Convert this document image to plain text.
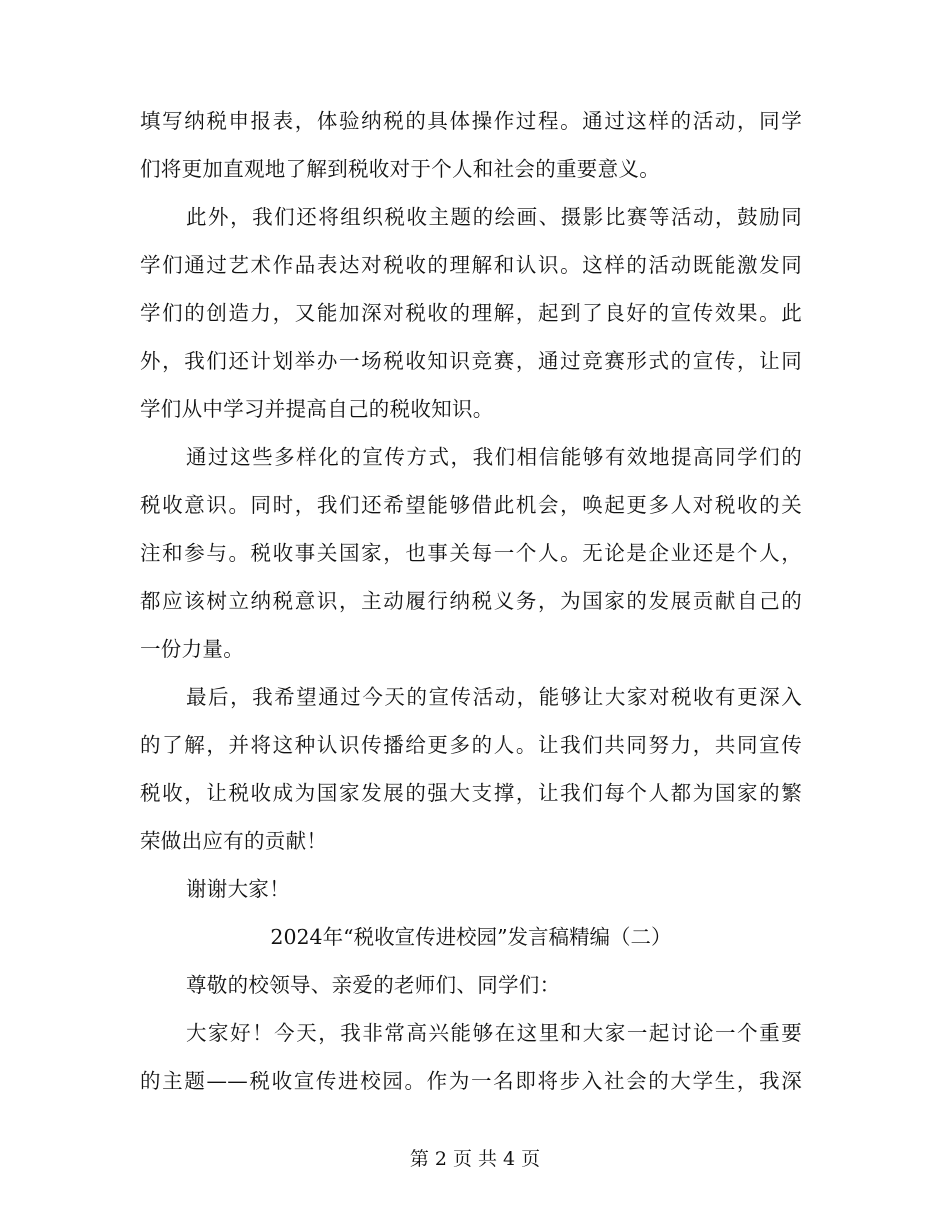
填写纳税申报表，体验纳税的具体操作过程。通过这样的活动，同学
们将更加直观地了解到税收对于个人和社会的重要意义。
此外，我们还将组织税收主题的绘画、摄影比赛等活动，鼓励同
学们通过艺术作品表达对税收的理解和认识。这样的活动既能激发同
学们的创造力，又能加深对税收的理解，起到了良好的宣传效果。此
外，我们还计划举办一场税收知识竞赛，通过竞赛形式的宣传，让同
学们从中学习并提高自己的税收知识。
通过这些多样化的宣传方式，我们相信能够有效地提高同学们的
税收意识。同时，我们还希望能够借此机会，唤起更多人对税收的关
注和参与。税收事关国家，也事关每一个人。无论是企业还是个人，
都应该树立纳税意识，主动履行纳税义务，为国家的发展贡献自己的
一份力量。
最后，我希望通过今天的宣传活动，能够让大家对税收有更深入
的了解，并将这种认识传播给更多的人。让我们共同努力，共同宣传
税收，让税收成为国家发展的强大支撑，让我们每个人都为国家的繁
荣做出应有的贡献！
谢谢大家！
2024年“税收宣传进校园”发言稿精编（二）
尊敬的校领导、亲爱的老师们、同学们：
大家好！今天，我非常高兴能够在这里和大家一起讨论一个重要
的主题——税收宣传进校园。作为一名即将步入社会的大学生，我深
第 2 页 共 4 页
